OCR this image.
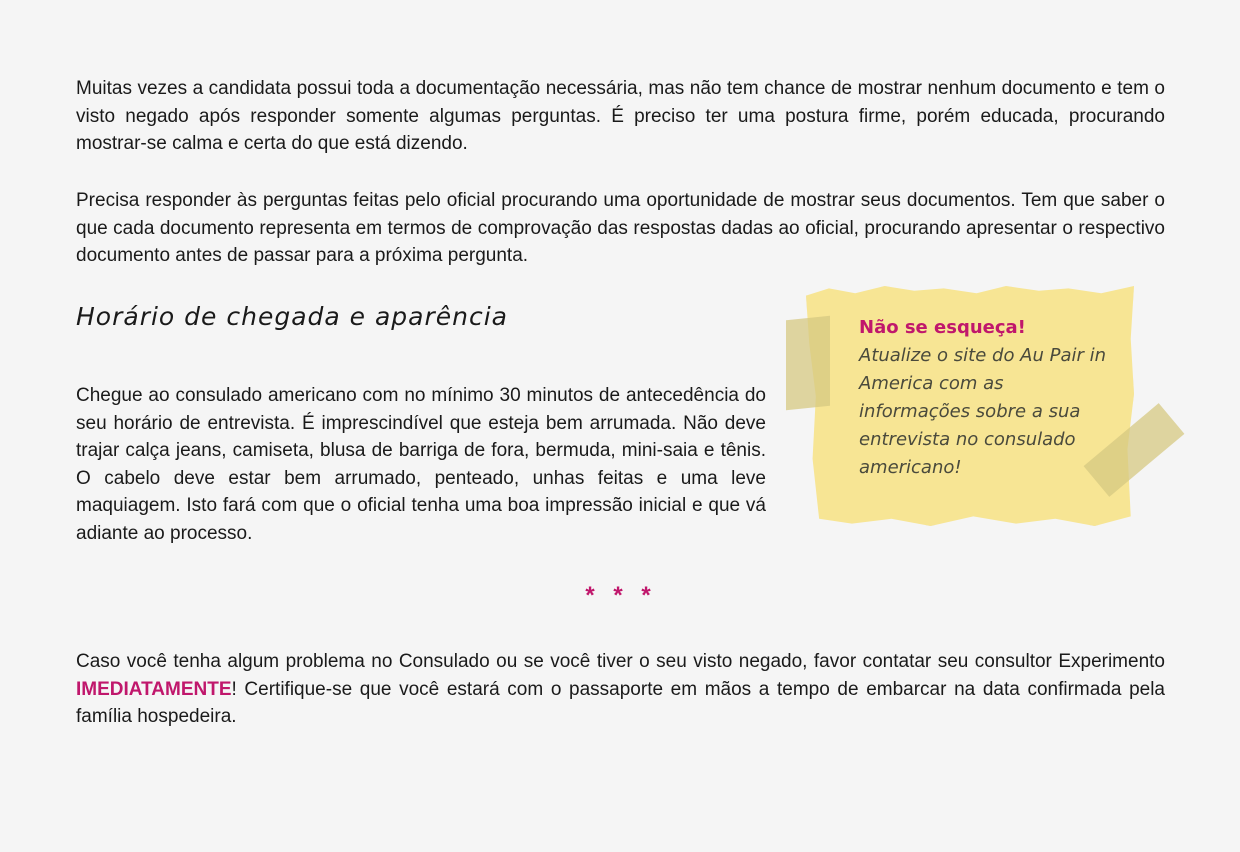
Muitas vezes a candidata possui toda a documentação necessária, mas não tem chance de mostrar nenhum documento e tem o visto negado após responder somente algumas perguntas. É preciso ter uma postura firme, porém educada, procurando mostrar-se calma e certa do que está dizendo.

Precisa responder às perguntas feitas pelo oficial procurando uma oportunidade de mostrar seus documentos. Tem que saber o que cada documento representa em termos de comprovação das respostas dadas ao oficial, procurando apresentar o respectivo documento antes de passar para a próxima pergunta.

Horário de chegada e aparência

Chegue ao consulado americano com no mínimo 30 minutos de antecedência do seu horário de entrevista. É imprescindível que esteja bem arrumada. Não deve trajar calça jeans, camiseta, blusa de barriga de fora, bermuda, mini-saia e tênis. O cabelo deve estar bem arrumado, penteado, unhas feitas e uma leve maquiagem. Isto fará com que o oficial tenha uma boa impressão inicial e que vá adiante ao processo.

Não se esqueça!
Atualize o site do Au Pair in America com as informações sobre a sua entrevista no consulado americano!
* * *

Caso você tenha algum problema no Consulado ou se você tiver o seu visto negado, favor contatar seu consultor Experimento IMEDIATAMENTE! Certifique-se que você estará com o passaporte em mãos a tempo de embarcar na data confirmada pela família hospedeira.
